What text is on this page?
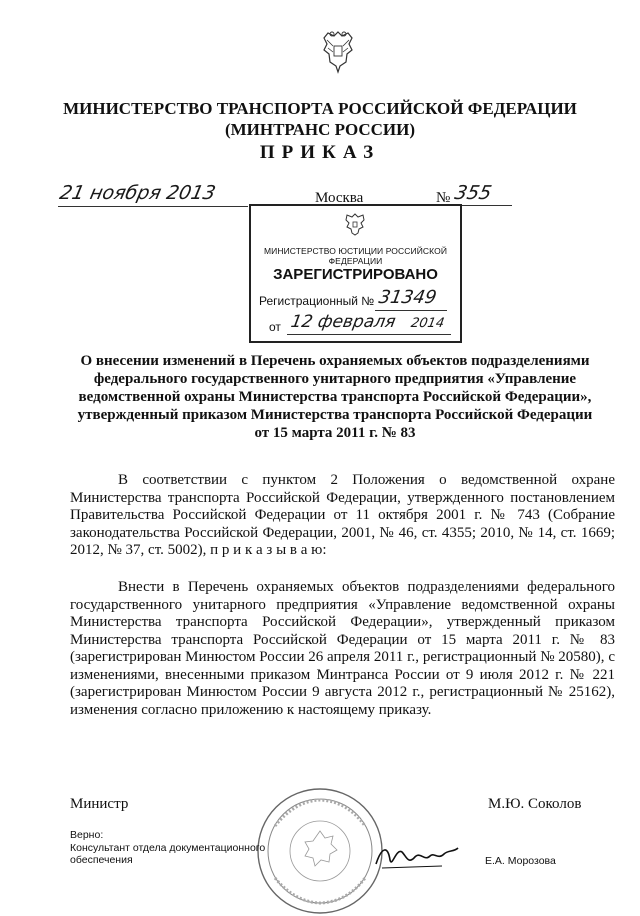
МИНИСТЕРСТВО ТРАНСПОРТА РОССИЙСКОЙ ФЕДЕРАЦИИ
(МИНТРАНС РОССИИ)
ПРИКАЗ
21 ноября 2013	Москва	№ 355
МИНИСТЕРСТВО ЮСТИЦИИ РОССИЙСКОЙ ФЕДЕРАЦИИ
ЗАРЕГИСТРИРОВАНО
Регистрационный № 31349
от 12 февраля 2014
О внесении изменений в Перечень охраняемых объектов подразделениями
федерального государственного унитарного предприятия «Управление
ведомственной охраны Министерства транспорта Российской Федерации»,
утвержденный приказом Министерства транспорта Российской Федерации
от 15 марта 2011 г. № 83
В соответствии с пунктом 2 Положения о ведомственной охране Министерства транспорта Российской Федерации, утвержденного постановлением Правительства Российской Федерации от 11 октября 2001 г. № 743 (Собрание законодательства Российской Федерации, 2001, № 46, ст. 4355; 2010, № 14, ст. 1669; 2012, № 37, ст. 5002), п р и к а з ы в а ю:
Внести в Перечень охраняемых объектов подразделениями федерального государственного унитарного предприятия «Управление ведомственной охраны Министерства транспорта Российской Федерации», утвержденный приказом Министерства транспорта Российской Федерации от 15 марта 2011 г. № 83 (зарегистрирован Минюстом России 26 апреля 2011 г., регистрационный № 20580), с изменениями, внесенными приказом Минтранса России от 9 июля 2012 г. № 221 (зарегистрирован Минюстом России 9 августа 2012 г., регистрационный № 25162), изменения согласно приложению к настоящему приказу.
Министр	М.Ю. Соколов
Верно:
Консультант отдела документационного
обеспечения	Е.А. Морозова
